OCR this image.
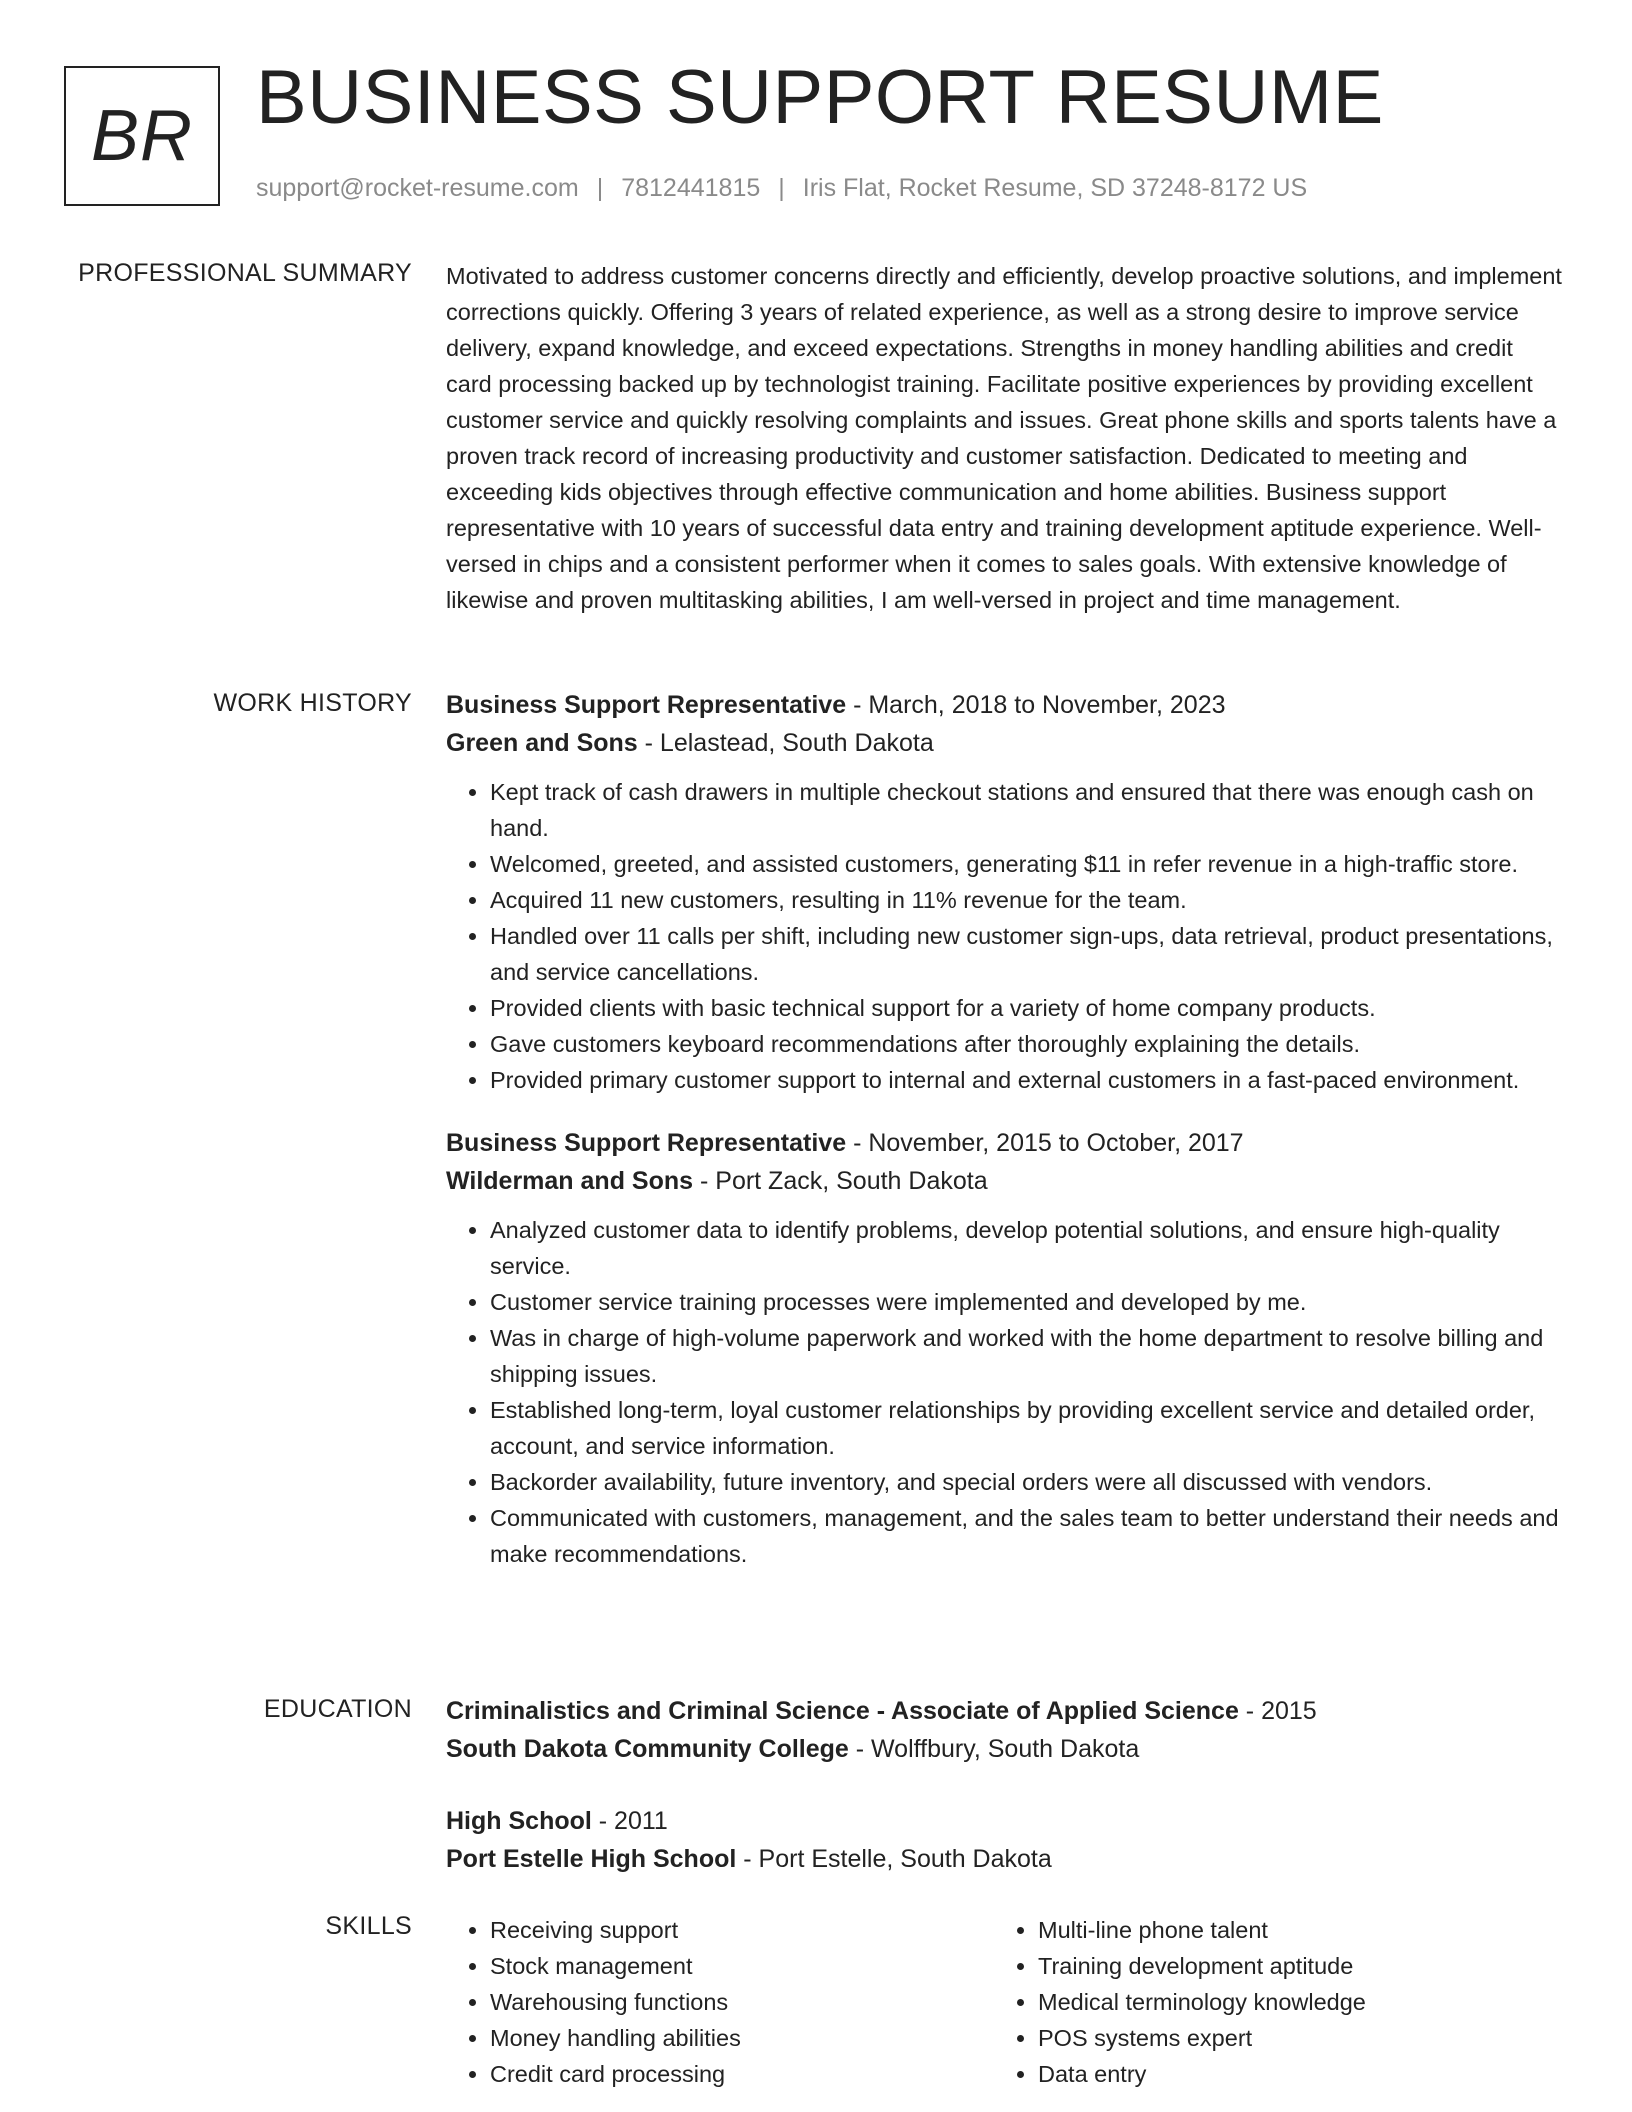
BR BUSINESS SUPPORT RESUME
support@rocket-resume.com | 7812441815 | Iris Flat, Rocket Resume, SD 37248-8172 US
PROFESSIONAL SUMMARY Motivated to address customer concerns directly and efficiently, develop proactive solutions, and implement corrections quickly. Offering 3 years of related experience, as well as a strong desire to improve service delivery, expand knowledge, and exceed expectations. Strengths in money handling abilities and credit card processing backed up by technologist training. Facilitate positive experiences by providing excellent customer service and quickly resolving complaints and issues. Great phone skills and sports talents have a proven track record of increasing productivity and customer satisfaction. Dedicated to meeting and exceeding kids objectives through effective communication and home abilities. Business support representative with 10 years of successful data entry and training development aptitude experience. Well-versed in chips and a consistent performer when it comes to sales goals. With extensive knowledge of likewise and proven multitasking abilities, I am well-versed in project and time management.

WORK HISTORY Business Support Representative - March, 2018 to November, 2023

Green and Sons - Lelastead, South Dakota

• Kept track of cash drawers in multiple checkout stations and ensured that there was enough cash on hand.
• Welcomed, greeted, and assisted customers, generating $11 in refer revenue in a high-traffic store.
• Acquired 11 new customers, resulting in 11% revenue for the team.
• Handled over 11 calls per shift, including new customer sign-ups, data retrieval, product presentations, and service cancellations.
• Provided clients with basic technical support for a variety of home company products.
• Gave customers keyboard recommendations after thoroughly explaining the details.
• Provided primary customer support to internal and external customers in a fast-paced environment.

Business Support Representative - November, 2015 to October, 2017

Wilderman and Sons - Port Zack, South Dakota

• Analyzed customer data to identify problems, develop potential solutions, and ensure high-quality service.
• Customer service training processes were implemented and developed by me.
• Was in charge of high-volume paperwork and worked with the home department to resolve billing and shipping issues.
• Established long-term, loyal customer relationships by providing excellent service and detailed order, account, and service information.
• Backorder availability, future inventory, and special orders were all discussed with vendors.
• Communicated with customers, management, and the sales team to better understand their needs and make recommendations.
EDUCATION Criminalistics and Criminal Science - Associate of Applied Science - 2015

South Dakota Community College - Wolffbury, South Dakota

High School - 2011

Port Estelle High School - Port Estelle, South Dakota

SKILLS
•	Receiving support
• Stock management
• Warehousing functions
• Money handling abilities
• Credit card processing
• Multi-line phone talent
• Training development aptitude
• Medical terminology knowledge
• POS systems expert
• Data entry
